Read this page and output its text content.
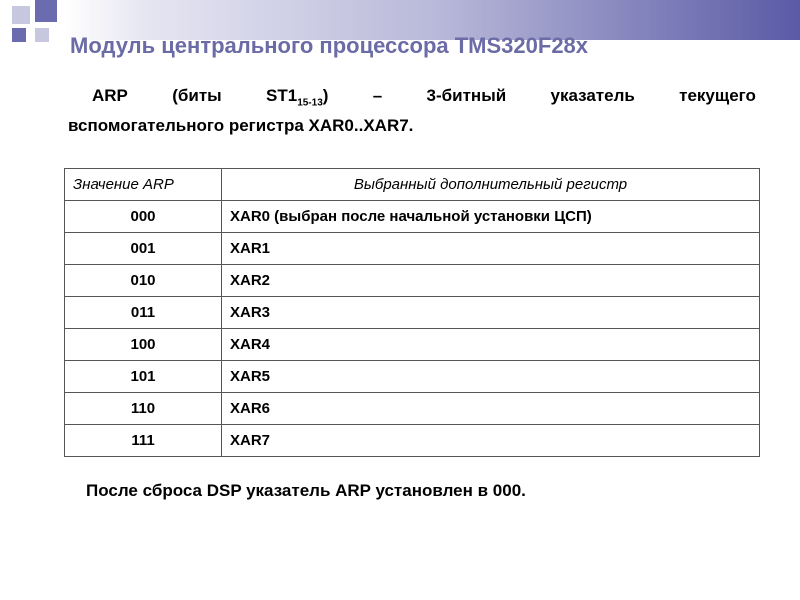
Модуль центрального процессора TMS320F28x
ARP	(биты	$ST1_{15-13}$)	–	3-битный	указатель	текущего
вспомогательного регистра XAR0..XAR7.
Значение ARP	Выбранный дополнительный регистр
000	XAR0 (выбран после начальной установки ЦСП)
001	XAR1
010	XAR2
011	XAR3
100	XAR4
101	XAR5
110	XAR6
111	XAR7
После сброса DSP указатель ARP установлен в 000.
